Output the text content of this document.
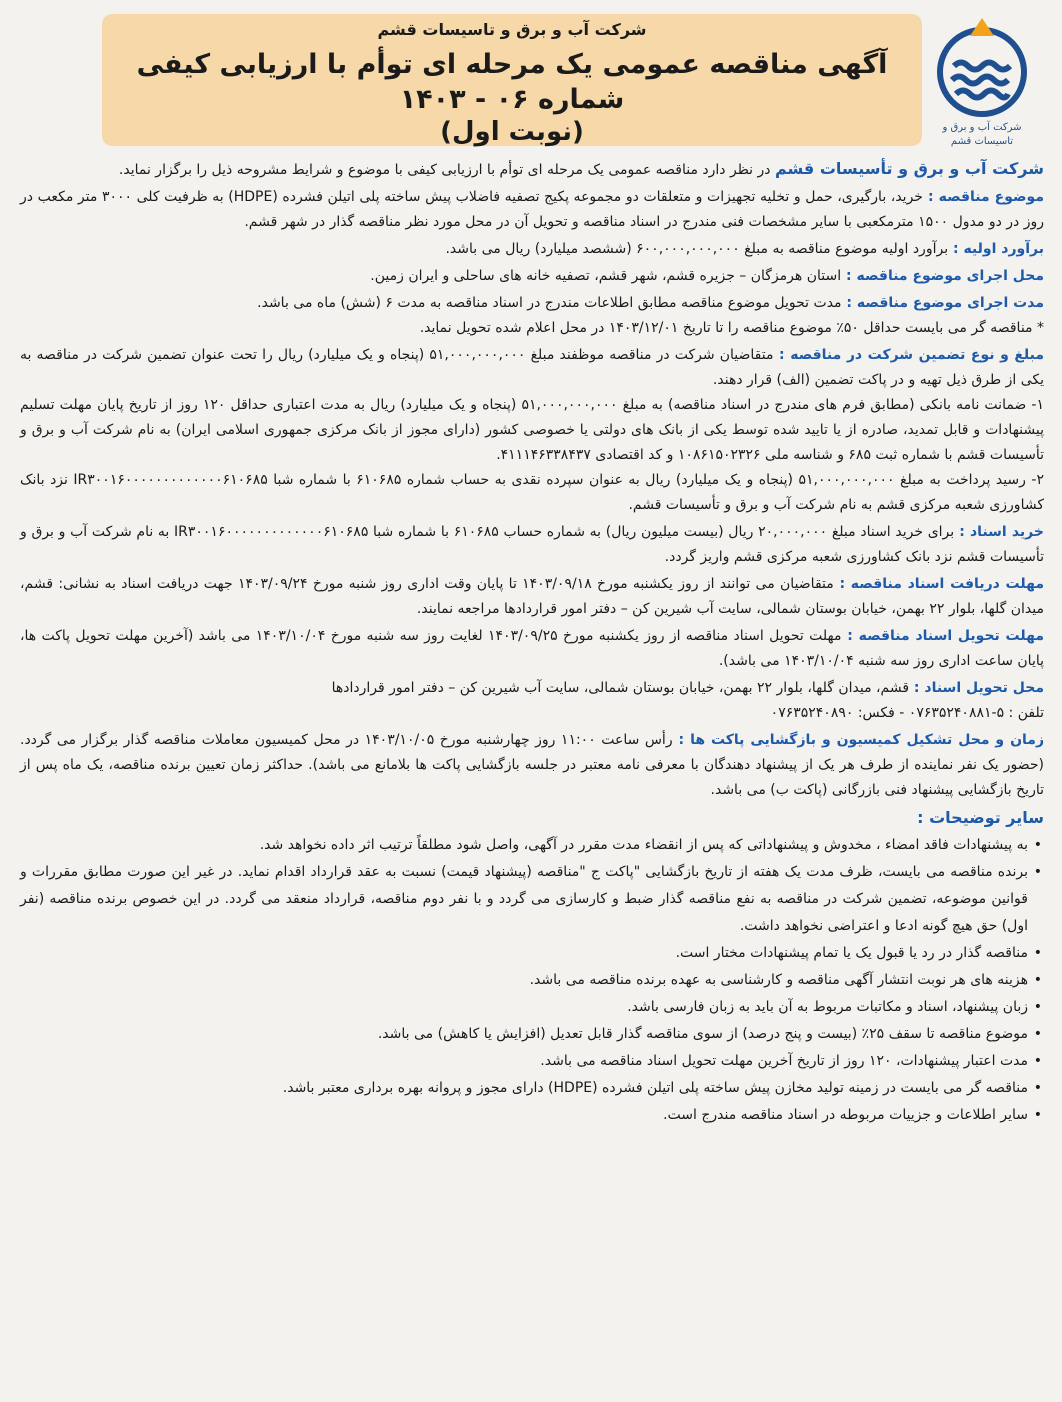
شرکت آب و برق و تاسیسات قشم
آگهی مناقصه عمومی یک مرحله ای توأم با ارزیابی کیفی شماره ۰۶ - ۱۴۰۳
(نوبت اول)	شرکت آب و برق و
تاسیسات قشم

شرکت آب و برق و تأسیسات قشم در نظر دارد مناقصه عمومی یک مرحله ای توأم با ارزیابی کیفی با موضوع و شرایط مشروحه ذیل را برگزار نماید.

موضوع مناقصه : خرید، بارگیری، حمل و تخلیه تجهیزات و متعلقات دو مجموعه پکیج تصفیه فاضلاب پیش ساخته پلی اتیلن فشرده (HDPE) به ظرفیت کلی ۳۰۰۰ متر مکعب در روز در دو مدول ۱۵۰۰ مترمکعبی با سایر مشخصات فنی مندرج در اسناد مناقصه و تحویل آن در محل مورد نظر مناقصه گذار در شهر قشم.

برآورد اولیه : برآورد اولیه موضوع مناقصه به مبلغ ۶۰۰,۰۰۰,۰۰۰,۰۰۰ (ششصد میلیارد) ریال می باشد.

محل اجرای موضوع مناقصه : استان هرمزگان – جزیره قشم، شهر قشم، تصفیه خانه های ساحلی و ایران زمین.

مدت اجرای موضوع مناقصه : مدت تحویل موضوع مناقصه مطابق اطلاعات مندرج در اسناد مناقصه به مدت ۶ (شش) ماه می باشد.

* مناقصه گر می بایست حداقل ۵۰٪ موضوع مناقصه را تا تاریخ ۱۴۰۳/۱۲/۰۱ در محل اعلام شده تحویل نماید.

مبلغ و نوع تضمین شرکت در مناقصه : متقاضیان شرکت در مناقصه موظفند مبلغ ۵۱,۰۰۰,۰۰۰,۰۰۰ (پنجاه و یک میلیارد) ریال را تحت عنوان تضمین شرکت در مناقصه به یکی از طرق ذیل تهیه و در پاکت تضمین (الف) قرار دهند.

۱- ضمانت نامه بانکی (مطابق فرم های مندرج در اسناد مناقصه) به مبلغ ۵۱,۰۰۰,۰۰۰,۰۰۰ (پنجاه و یک میلیارد) ریال به مدت اعتباری حداقل ۱۲۰ روز از تاریخ پایان مهلت تسلیم پیشنهادات و قابل تمدید، صادره از یا تایید شده توسط یکی از بانک های دولتی یا خصوصی کشور (دارای مجوز از بانک مرکزی جمهوری اسلامی ایران) به نام شرکت آب و برق و تأسیسات قشم با شماره ثبت ۶۸۵ و شناسه ملی ۱۰۸۶۱۵۰۲۳۲۶ و کد اقتصادی ۴۱۱۱۴۶۳۳۸۴۳۷.

۲- رسید پرداخت به مبلغ ۵۱,۰۰۰,۰۰۰,۰۰۰ (پنجاه و یک میلیارد) ریال به عنوان سپرده نقدی به حساب شماره ۶۱۰۶۸۵ با شماره شبا IR۳۰۰۱۶۰۰۰۰۰۰۰۰۰۰۰۰۰۶۱۰۶۸۵ نزد بانک کشاورزی شعبه مرکزی قشم به نام شرکت آب و برق و تأسیسات قشم.

خرید اسناد : برای خرید اسناد مبلغ ۲۰,۰۰۰,۰۰۰ ریال (بیست میلیون ریال) به شماره حساب ۶۱۰۶۸۵ با شماره شبا IR۳۰۰۱۶۰۰۰۰۰۰۰۰۰۰۰۰۰۶۱۰۶۸۵ به نام شرکت آب و برق و تأسیسات قشم نزد بانک کشاورزی شعبه مرکزی قشم واریز گردد.

مهلت دریافت اسناد مناقصه : متقاضیان می توانند از روز یکشنبه مورخ ۱۴۰۳/۰۹/۱۸ تا پایان وقت اداری روز شنبه مورخ ۱۴۰۳/۰۹/۲۴ جهت دریافت اسناد به نشانی: قشم، میدان گلها، بلوار ۲۲ بهمن، خیابان بوستان شمالی، سایت آب شیرین کن – دفتر امور قراردادها مراجعه نمایند.

مهلت تحویل اسناد مناقصه : مهلت تحویل اسناد مناقصه از روز یکشنبه مورخ ۱۴۰۳/۰۹/۲۵ لغایت روز سه شنبه مورخ ۱۴۰۳/۱۰/۰۴ می باشد (آخرین مهلت تحویل پاکت ها، پایان ساعت اداری روز سه شنبه ۱۴۰۳/۱۰/۰۴ می باشد).

محل تحویل اسناد : قشم، میدان گلها، بلوار ۲۲ بهمن، خیابان بوستان شمالی، سایت آب شیرین کن – دفتر امور قراردادها

تلفن : ۵-۰۷۶۳۵۲۴۰۸۸۱ - فکس: ۰۷۶۳۵۲۴۰۸۹۰

زمان و محل تشکیل کمیسیون و بازگشایی پاکت ها : رأس ساعت ۱۱:۰۰ روز چهارشنبه مورخ ۱۴۰۳/۱۰/۰۵ در محل کمیسیون معاملات مناقصه گذار برگزار می گردد. (حضور یک نفر نماینده از طرف هر یک از پیشنهاد دهندگان با معرفی نامه معتبر در جلسه بازگشایی پاکت ها بلامانع می باشد). حداکثر زمان تعیین برنده مناقصه، یک ماه پس از تاریخ بازگشایی پیشنهاد فنی بازرگانی (پاکت ب) می باشد.

سایر توضیحات :

• به پیشنهادات فاقد امضاء ، مخدوش و پیشنهاداتی که پس از انقضاء مدت مقرر در آگهی، واصل شود مطلقاً ترتیب اثر داده نخواهد شد.
• برنده مناقصه می بایست، ظرف مدت یک هفته از تاریخ بازگشایی "پاکت ج "مناقصه (پیشنهاد قیمت) نسبت به عقد قرارداد اقدام نماید. در غیر این صورت مطابق مقررات و قوانین موضوعه، تضمین شرکت در مناقصه به نفع مناقصه گذار ضبط و کارسازی می گردد و با نفر دوم مناقصه، قرارداد منعقد می گردد. در این خصوص برنده مناقصه (نفر اول) حق هیچ گونه ادعا و اعتراضی نخواهد داشت.
• مناقصه گذار در رد یا قبول یک یا تمام پیشنهادات مختار است.
• هزینه های هر نوبت انتشار آگهی مناقصه و کارشناسی به عهده برنده مناقصه می باشد.
• زبان پیشنهاد، اسناد و مکاتبات مربوط به آن باید به زبان فارسی باشد.
• موضوع مناقصه تا سقف ۲۵٪ (بیست و پنج درصد) از سوی مناقصه گذار قابل تعدیل (افزایش یا کاهش) می باشد.
• مدت اعتبار پیشنهادات، ۱۲۰ روز از تاریخ آخرین مهلت تحویل اسناد مناقصه می باشد.
• مناقصه گر می بایست در زمینه تولید مخازن پیش ساخته پلی اتیلن فشرده (HDPE) دارای مجوز و پروانه بهره برداری معتبر باشد.
• سایر اطلاعات و جزییات مربوطه در اسناد مناقصه مندرج است.
